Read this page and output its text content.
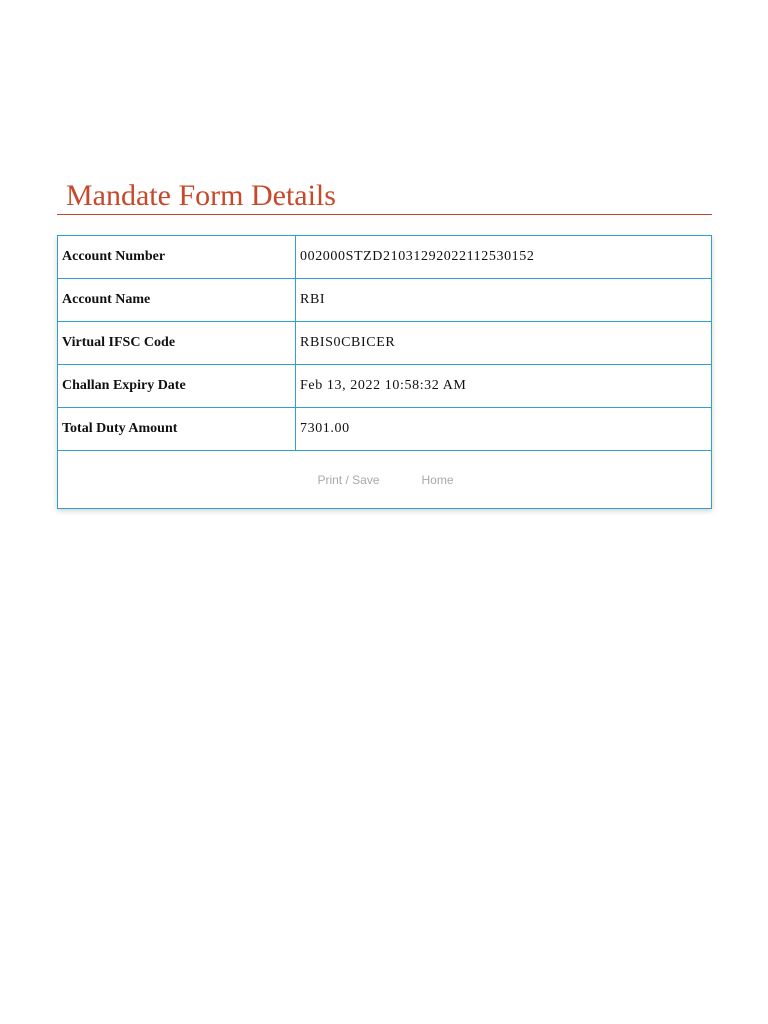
Mandate Form Details
Account Number	002000STZD21031292022112530152
Account Name	RBI
Virtual IFSC Code	RBIS0CBICER
Challan Expiry Date	Feb 13, 2022 10:58:32 AM
Total Duty Amount	7301.00
Print / Save	Home
